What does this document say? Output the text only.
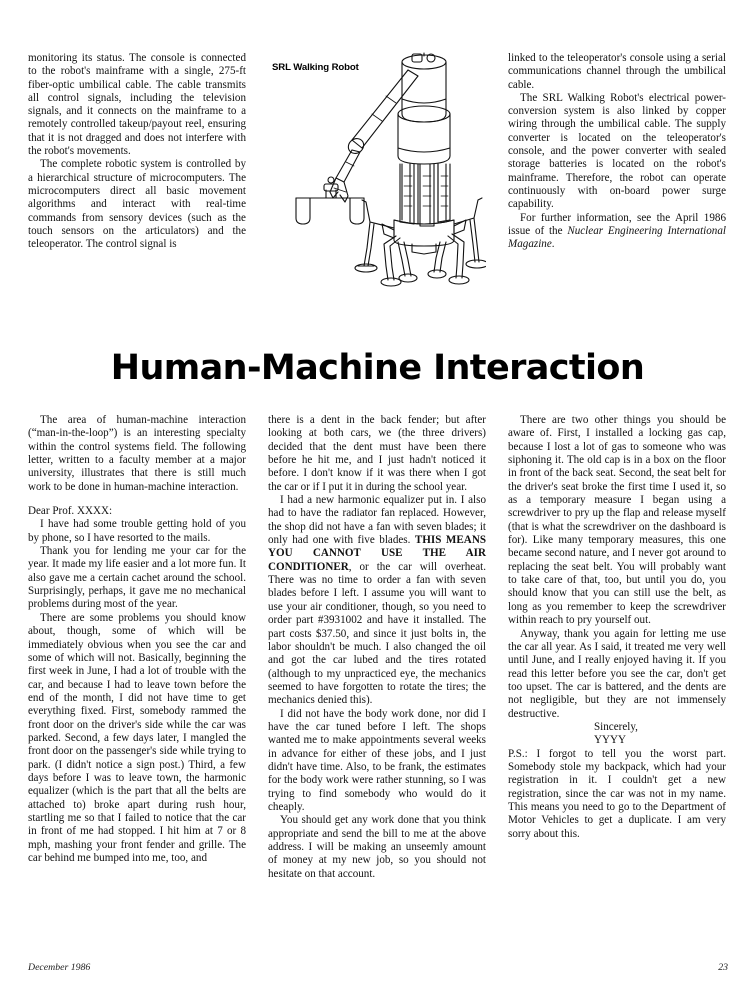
monitoring its status. The console is connected to the robot's mainframe with a single, 275-ft fiber-optic umbilical cable. The cable transmits all control signals, including the television signals, and it connects on the mainframe to a remotely controlled takeup/payout reel, ensuring that it is not dragged and does not interfere with the robot's movements.

The complete robotic system is controlled by a hierarchical structure of microcomputers. The microcomputers direct all basic movement algorithms and interact with real-time commands from sensory devices (such as the touch sensors on the articulators) and the teleoperator. The control signal is

SRL Walking Robot

linked to the teleoperator's console using a serial communications channel through the umbilical cable.

The SRL Walking Robot's electrical power-conversion system is also linked by copper wiring through the umbilical cable. The supply converter is located on the teleoperator's console, and the power converter with sealed storage batteries is located on the robot's mainframe. Therefore, the robot can operate continuously with on-board power surge capability.

For further information, see the April 1986 issue of the Nuclear Engineering International Magazine.

Human-Machine Interaction

The area of human-machine interaction (“man-in-the-loop”) is an interesting specialty within the control systems field. The following letter, written to a faculty member at a major university, illustrates that there is still much work to be done in human-machine interaction.

Dear Prof. XXXX:

I have had some trouble getting hold of you by phone, so I have resorted to the mails.

Thank you for lending me your car for the year. It made my life easier and a lot more fun. It also gave me a certain cachet around the school. Surprisingly, perhaps, it gave me no mechanical problems during most of the year.

There are some problems you should know about, though, some of which will be immediately obvious when you see the car and some of which will not. Basically, beginning the first week in June, I had a lot of trouble with the car, and because I had to leave town before the end of the month, I did not have time to get everything fixed. First, somebody rammed the front door on the driver's side while the car was parked. Second, a few days later, I mangled the front door on the passenger's side while trying to park. (I didn't notice a sign post.) Third, a few days before I was to leave town, the harmonic equalizer (which is the part that all the belts are attached to) broke apart during rush hour, startling me so that I failed to notice that the car in front of me had stopped. I hit him at 7 or 8 mph, mashing your front fender and grille. The car behind me bumped into me, too, and

there is a dent in the back fender; but after looking at both cars, we (the three drivers) decided that the dent must have been there before he hit me, and I just hadn't noticed it before. I don't know if it was there when I got the car or if I put it in during the school year.

I had a new harmonic equalizer put in. I also had to have the radiator fan replaced. However, the shop did not have a fan with seven blades; it only had one with five blades. THIS MEANS YOU CANNOT USE THE AIR CONDITIONER, or the car will overheat. There was no time to order a fan with seven blades before I left. I assume you will want to use your air conditioner, though, so you need to order part #3931002 and have it installed. The part costs $37.50, and since it just bolts in, the labor shouldn't be much. I also changed the oil and got the car lubed and the tires rotated (although to my unpracticed eye, the mechanics seemed to have forgotten to rotate the tires; the mechanics denied this).

I did not have the body work done, nor did I have the car tuned before I left. The shops wanted me to make appointments several weeks in advance for either of these jobs, and I just didn't have time. Also, to be frank, the estimates for the body work were rather stunning, so I was trying to find somebody who would do it cheaply.

You should get any work done that you think appropriate and send the bill to me at the above address. I will be making an unseemly amount of money at my new job, so you should not hesitate on that account.

There are two other things you should be aware of. First, I installed a locking gas cap, because I lost a lot of gas to someone who was siphoning it. The old cap is in a box on the floor in front of the back seat. Second, the seat belt for the driver's seat broke the first time I used it, so as a temporary measure I began using a screwdriver to pry up the flap and release myself (that is what the screwdriver on the dashboard is for). Like many temporary measures, this one became second nature, and I never got around to replacing the seat belt. You will probably want to take care of that, too, but until you do, you should know that you can still use the belt, as long as you remember to keep the screwdriver within reach to pry yourself out.

Anyway, thank you again for letting me use the car all year. As I said, it treated me very well until June, and I really enjoyed having it. If you read this letter before you see the car, don't get too upset. The car is battered, and the dents are not negligible, but they are not immensely destructive.

Sincerely,

YYYY

P.S.: I forgot to tell you the worst part. Somebody stole my backpack, which had your registration in it. I couldn't get a new registration, since the car was not in my name. This means you need to go to the Department of Motor Vehicles to get a duplicate. I am very sorry about this.

December 1986	23
